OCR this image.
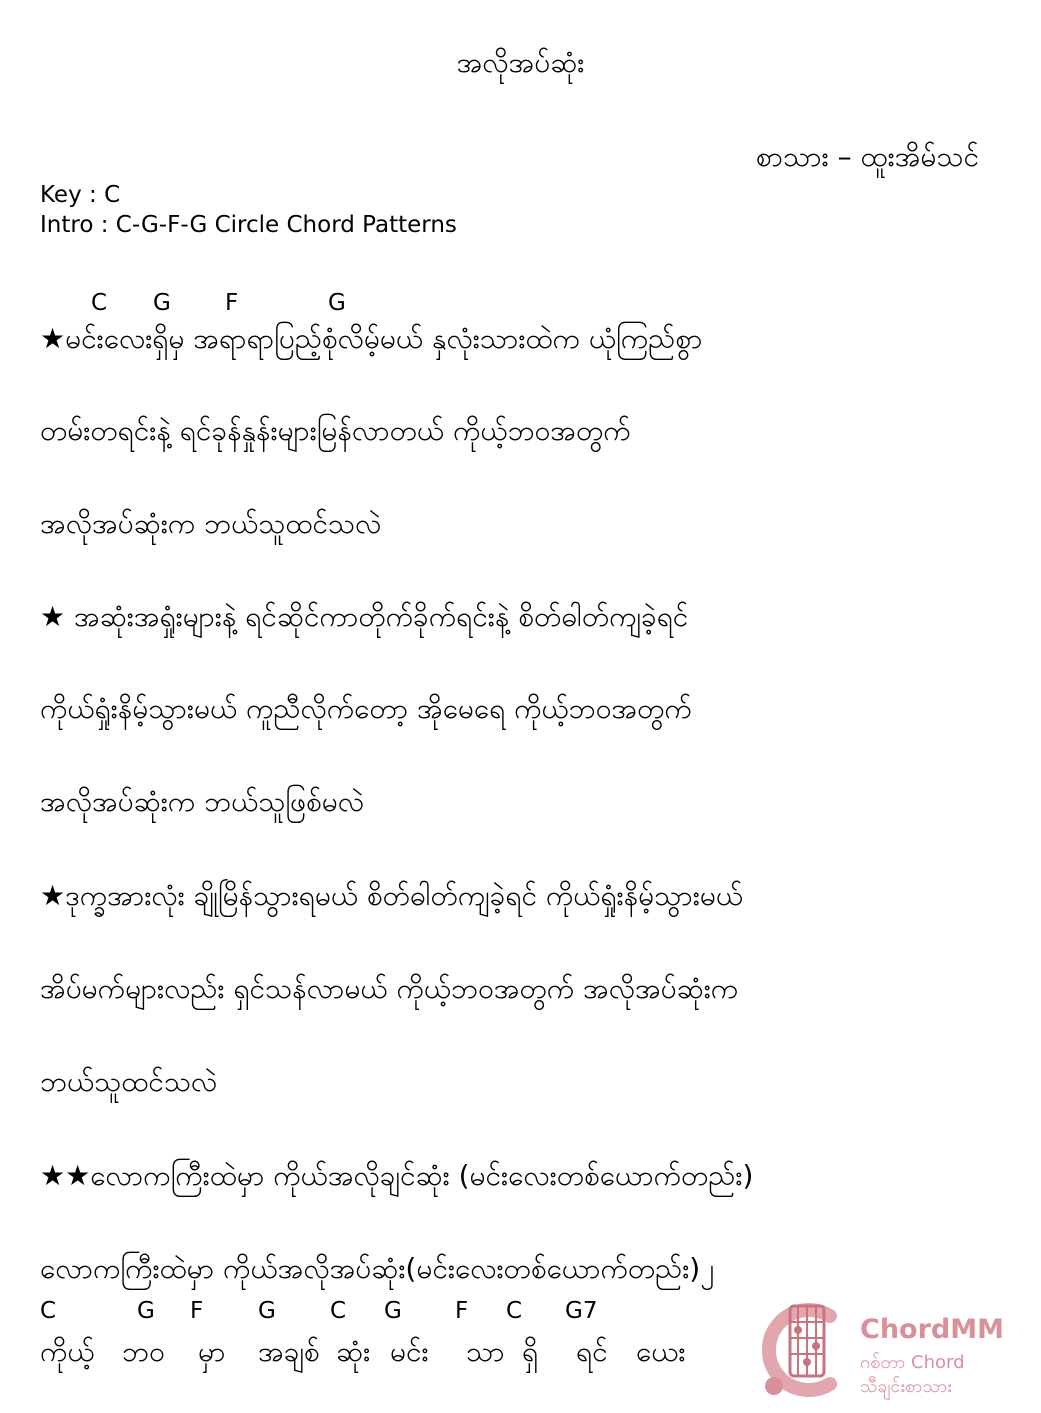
အလိုအပ်ဆုံး
စာသား – ထူးအိမ်သင်
Key : C
Intro : C-G-F-G Circle Chord Patterns
C G F	G
★မင်းလေးရှိမှ အရာရာပြည့်စုံလိမ့်မယ် နှလုံးသားထဲက ယုံကြည်စွာ
တမ်းတရင်းနဲ့ ရင်ခုန်နှုန်းများမြန်လာတယ် ကိုယ့်ဘ၀အတွက်
အလိုအပ်ဆုံးက ဘယ်သူထင်သလဲ
★ အဆုံးအရှုံးများနဲ့ ရင်ဆိုင်ကာတိုက်ခိုက်ရင်းနဲ့ စိတ်ဓါတ်ကျခဲ့ရင်
ကိုယ်ရှုံးနိမ့်သွားမယ် ကူညီလိုက်တော့ အိုမေရေ ကိုယ့်ဘ၀အတွက်
အလိုအပ်ဆုံးက ဘယ်သူဖြစ်မလဲ
★ဒုက္ခအားလုံး ချိုမြိန်သွားရမယ် စိတ်ဓါတ်ကျခဲ့ရင် ကိုယ်ရှုံးနိမ့်သွားမယ်
အိပ်မက်များလည်း ရှင်သန်လာမယ် ကိုယ့်ဘ၀အတွက် အလိုအပ်ဆုံးက
ဘယ်သူထင်သလဲ
★★လောကကြီးထဲမှာ ကိုယ်အလိုချင်ဆုံး (မင်းလေးတစ်ယောက်တည်း)
လောကကြီးထဲမှာ ကိုယ်အလိုအပ်ဆုံး(မင်းလေးတစ်ယောက်တည်း)၂
C	G F G C G F C G7
ကိုယ့် ဘ၀ မှာ အချစ် ဆုံး မင်း သာ ရှိ ရင် ယေး
ChordMM
ဂစ်တာ Chord
သီချင်းစာသား
